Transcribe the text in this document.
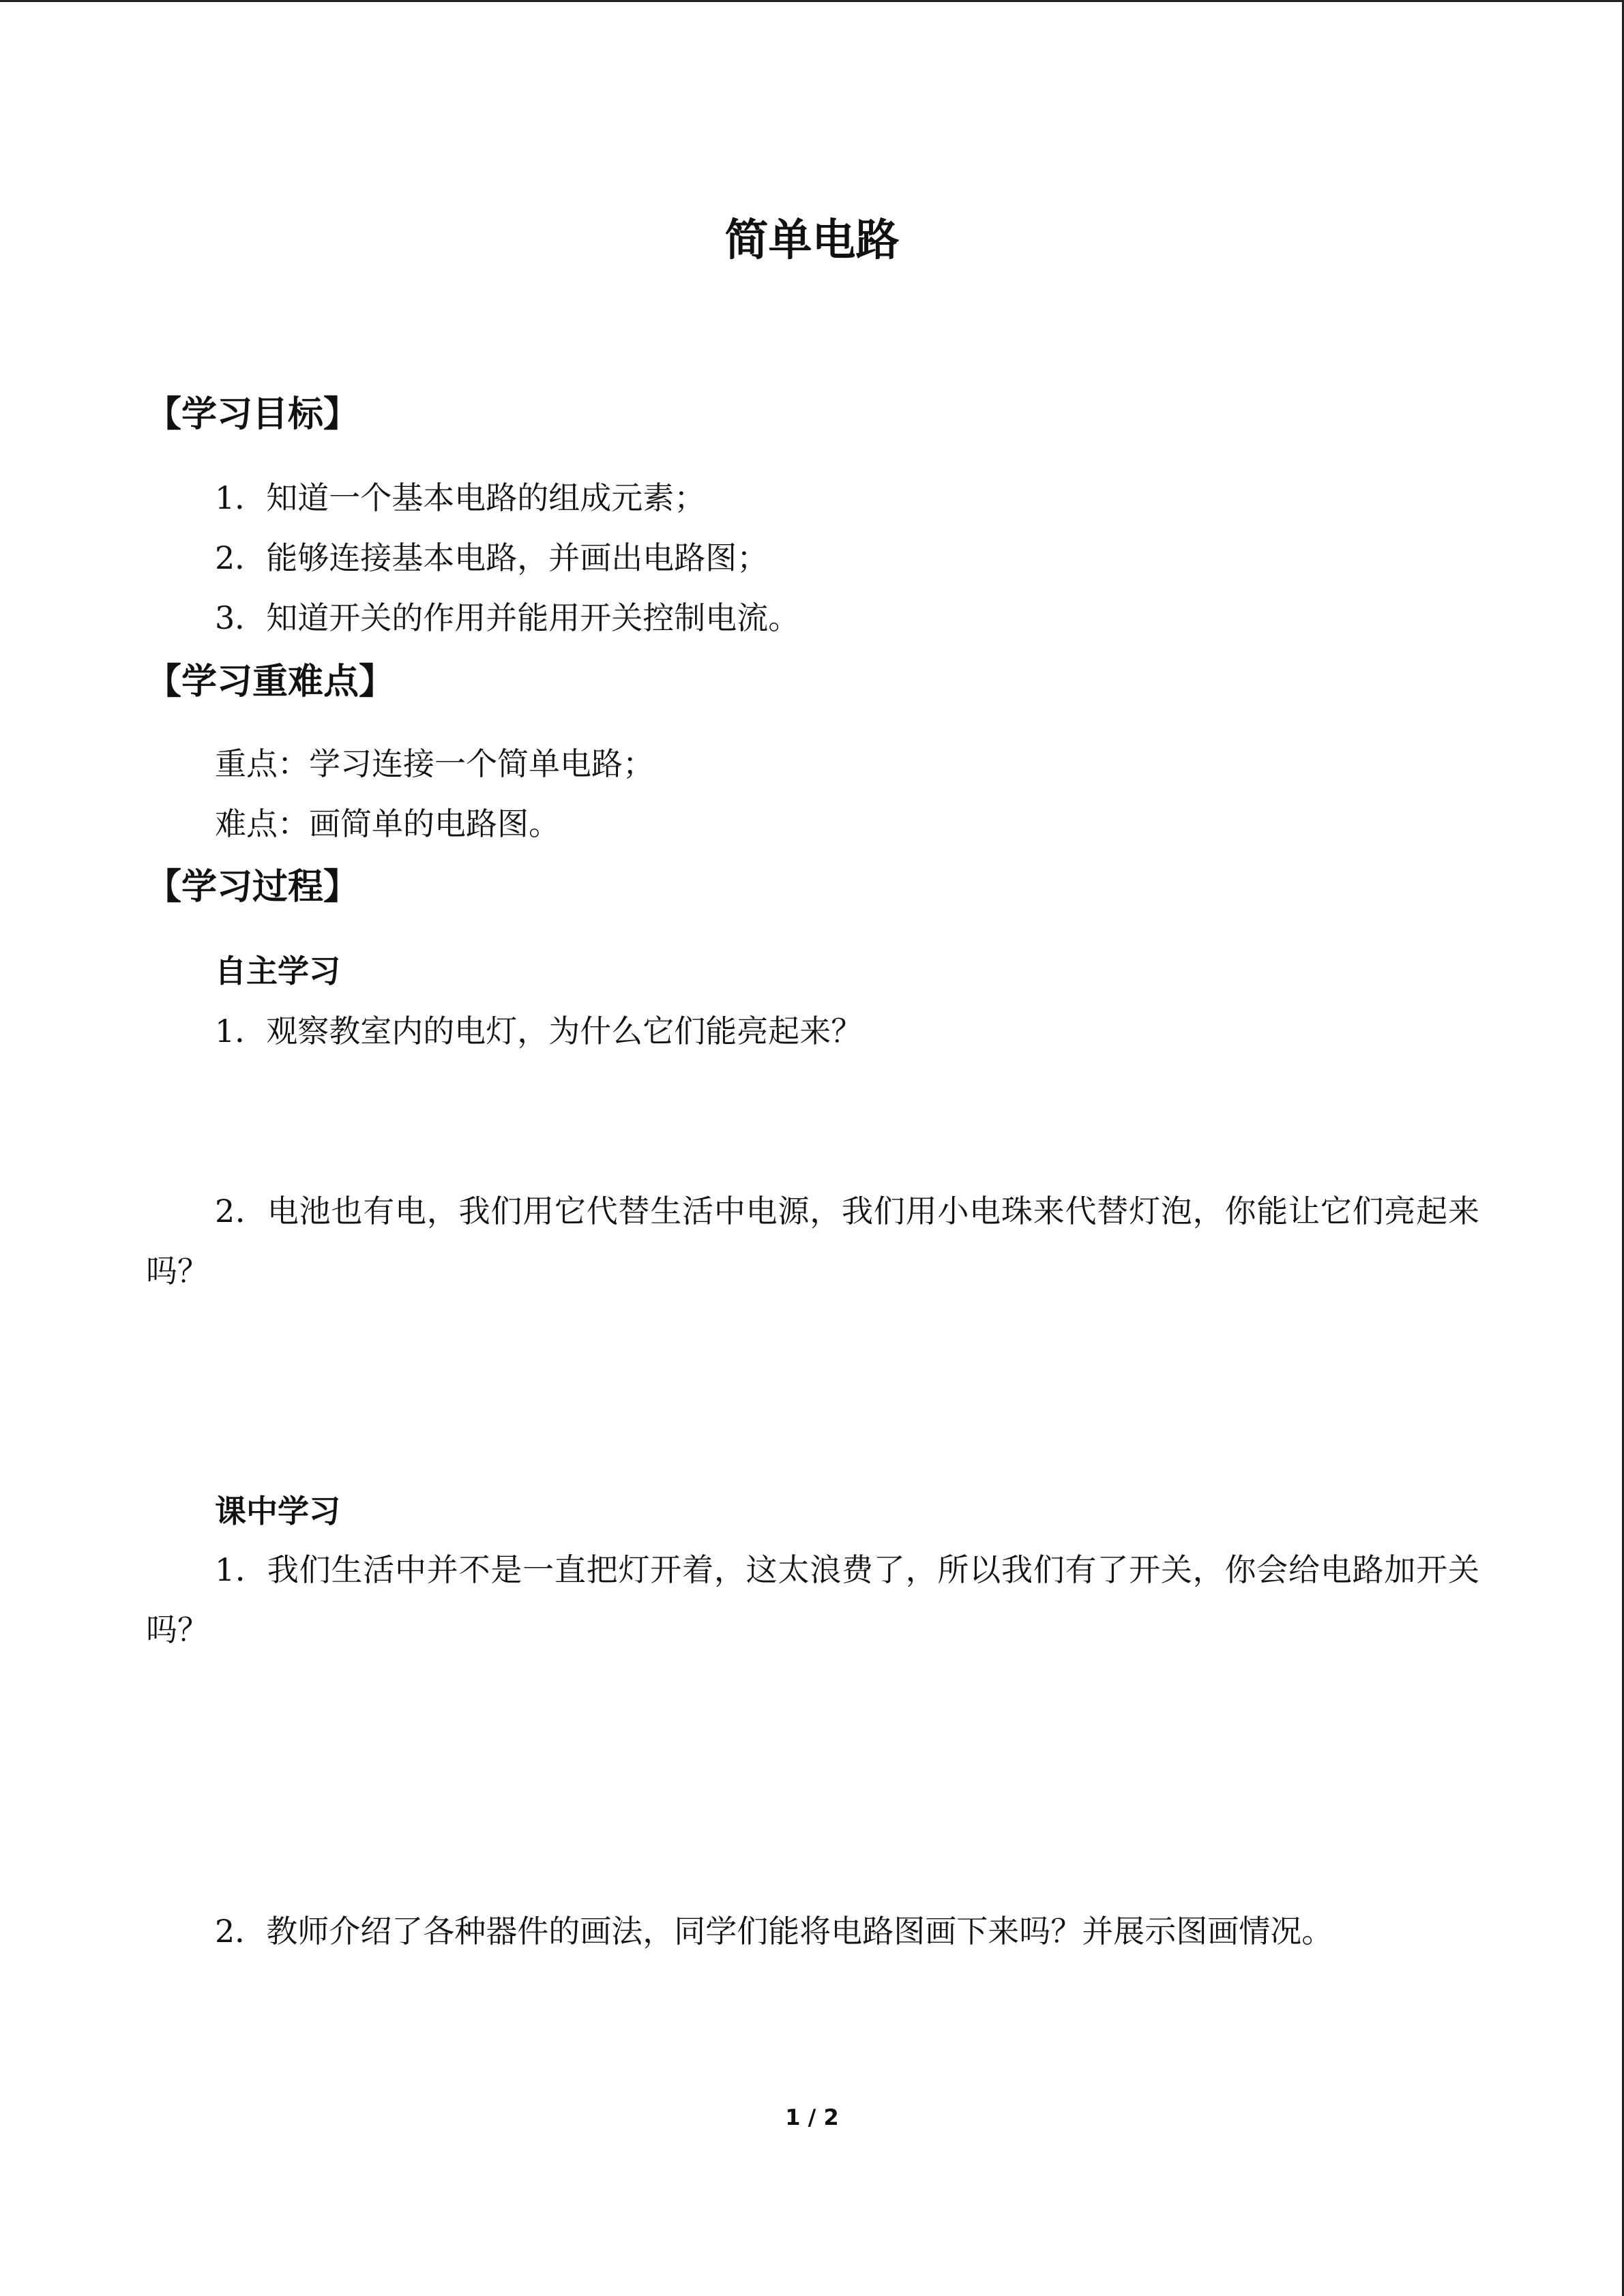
简单电路
【学习目标】
1．知道一个基本电路的组成元素；
2．能够连接基本电路，并画出电路图；
3．知道开关的作用并能用开关控制电流。
【学习重难点】
重点：学习连接一个简单电路；
难点：画简单的电路图。
【学习过程】
自主学习
1．观察教室内的电灯，为什么它们能亮起来？
2．电池也有电，我们用它代替生活中电源，我们用小电珠来代替灯泡，你能让它们亮起来吗？
课中学习
1．我们生活中并不是一直把灯开着，这太浪费了，所以我们有了开关，你会给电路加开关吗？
2．教师介绍了各种器件的画法，同学们能将电路图画下来吗？并展示图画情况。
1 / 2
